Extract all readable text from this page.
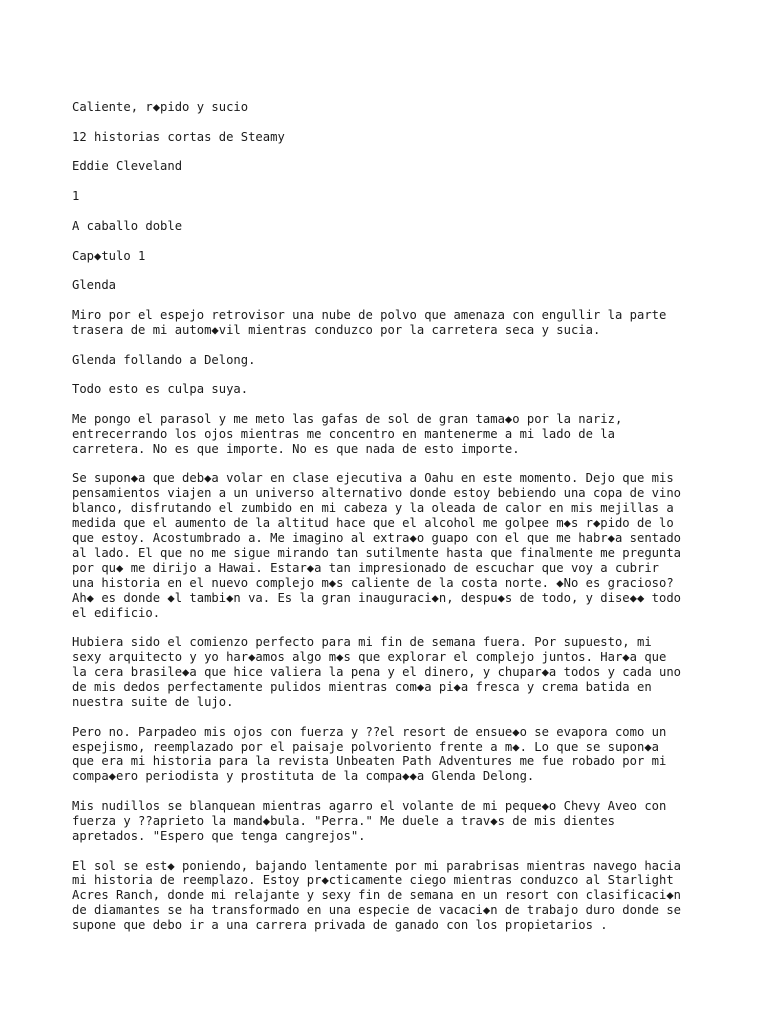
Caliente, r◆pido y sucio

12 historias cortas de Steamy

Eddie Cleveland

1

A caballo doble

Cap◆tulo 1

Glenda

Miro por el espejo retrovisor una nube de polvo que amenaza con engullir la parte
trasera de mi autom◆vil mientras conduzco por la carretera seca y sucia.

Glenda follando a Delong.

Todo esto es culpa suya.

Me pongo el parasol y me meto las gafas de sol de gran tama◆o por la nariz,
entrecerrando los ojos mientras me concentro en mantenerme a mi lado de la
carretera. No es que importe. No es que nada de esto importe.

Se supon◆a que deb◆a volar en clase ejecutiva a Oahu en este momento. Dejo que mis
pensamientos viajen a un universo alternativo donde estoy bebiendo una copa de vino
blanco, disfrutando el zumbido en mi cabeza y la oleada de calor en mis mejillas a
medida que el aumento de la altitud hace que el alcohol me golpee m◆s r◆pido de lo
que estoy. Acostumbrado a. Me imagino al extra◆o guapo con el que me habr◆a sentado
al lado. El que no me sigue mirando tan sutilmente hasta que finalmente me pregunta
por qu◆ me dirijo a Hawai. Estar◆a tan impresionado de escuchar que voy a cubrir
una historia en el nuevo complejo m◆s caliente de la costa norte. ◆No es gracioso?
Ah◆ es donde ◆l tambi◆n va. Es la gran inauguraci◆n, despu◆s de todo, y dise◆◆ todo
el edificio.

Hubiera sido el comienzo perfecto para mi fin de semana fuera. Por supuesto, mi
sexy arquitecto y yo har◆amos algo m◆s que explorar el complejo juntos. Har◆a que
la cera brasile◆a que hice valiera la pena y el dinero, y chupar◆a todos y cada uno
de mis dedos perfectamente pulidos mientras com◆a pi◆a fresca y crema batida en
nuestra suite de lujo.

Pero no. Parpadeo mis ojos con fuerza y ??el resort de ensue◆o se evapora como un
espejismo, reemplazado por el paisaje polvoriento frente a m◆. Lo que se supon◆a
que era mi historia para la revista Unbeaten Path Adventures me fue robado por mi
compa◆ero periodista y prostituta de la compa◆◆a Glenda Delong.

Mis nudillos se blanquean mientras agarro el volante de mi peque◆o Chevy Aveo con
fuerza y ??aprieto la mand◆bula. "Perra." Me duele a trav◆s de mis dientes
apretados. "Espero que tenga cangrejos".

El sol se est◆ poniendo, bajando lentamente por mi parabrisas mientras navego hacia
mi historia de reemplazo. Estoy pr◆cticamente ciego mientras conduzco al Starlight
Acres Ranch, donde mi relajante y sexy fin de semana en un resort con clasificaci◆n
de diamantes se ha transformado en una especie de vacaci◆n de trabajo duro donde se
supone que debo ir a una carrera privada de ganado con los propietarios .
